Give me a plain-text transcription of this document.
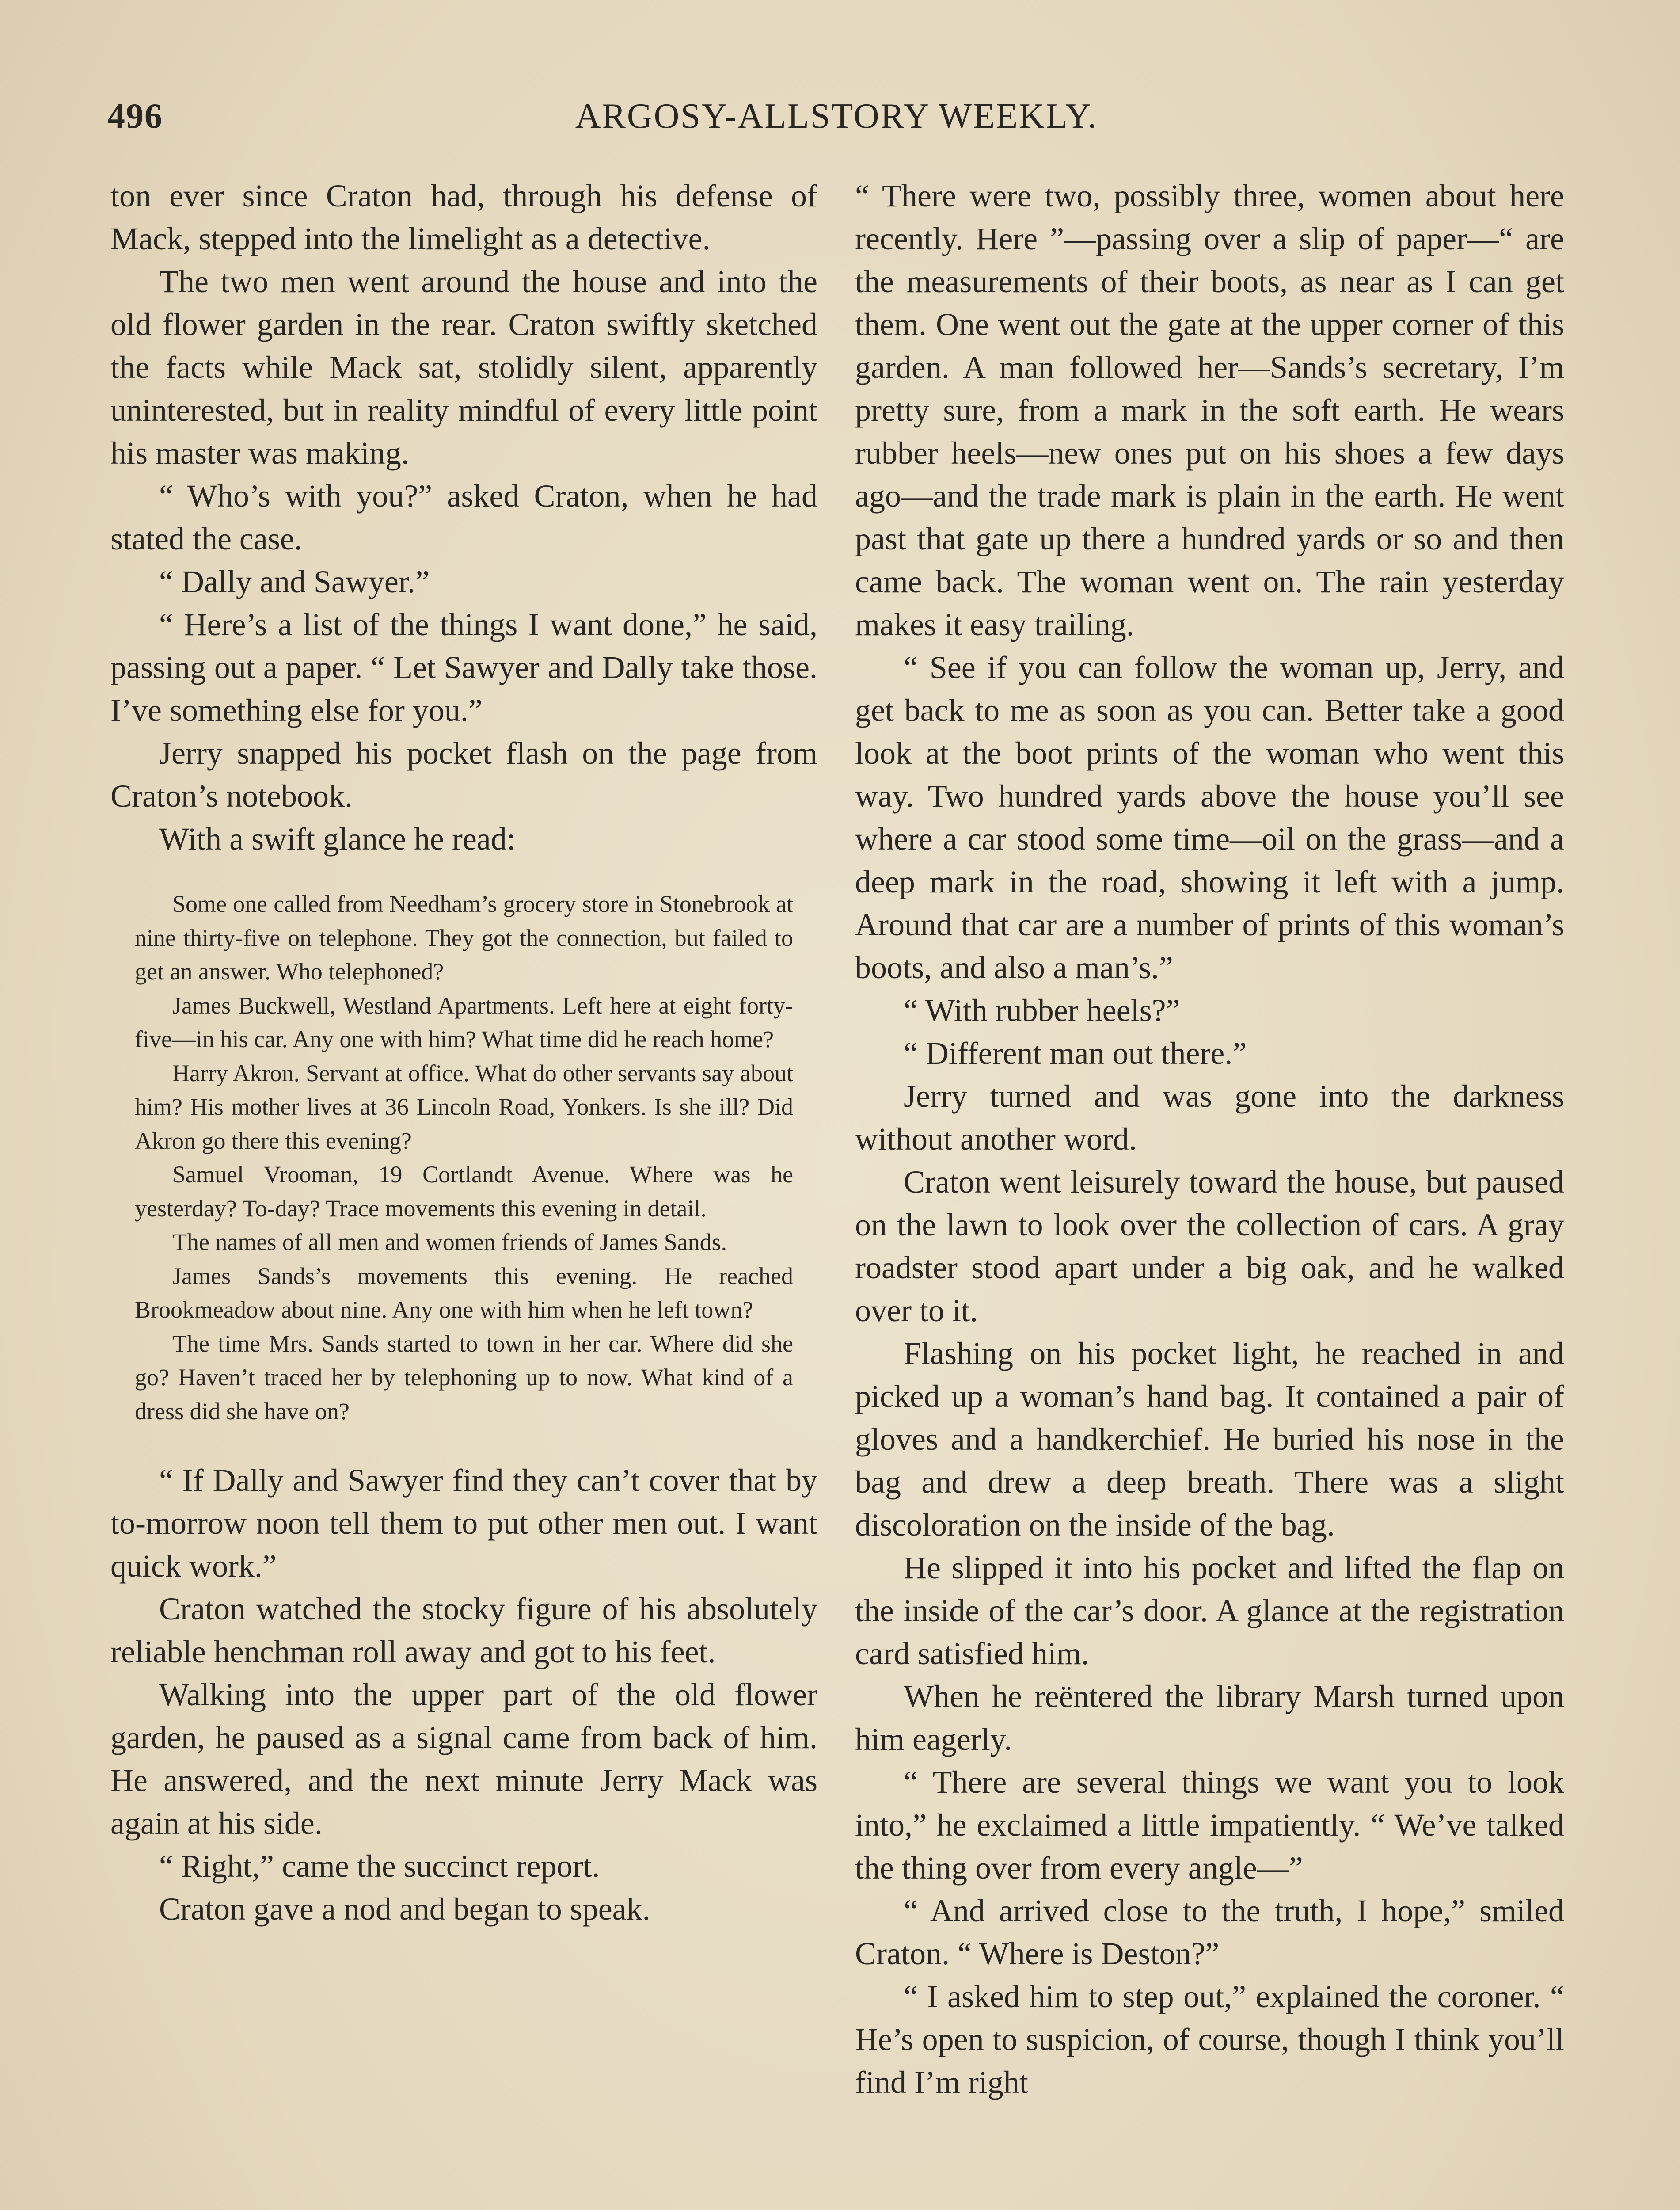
496	ARGOSY-ALLSTORY WEEKLY.

ton ever since Craton had, through his defense of Mack, stepped into the limelight as a detective.

The two men went around the house and into the old flower garden in the rear. Craton swiftly sketched the facts while Mack sat, stolidly silent, apparently uninterested, but in reality mindful of every little point his master was making.

“ Who’s with you?” asked Craton, when he had stated the case.

“ Dally and Sawyer.”

“ Here’s a list of the things I want done,” he said, passing out a paper. “ Let Sawyer and Dally take those. I’ve something else for you.”

Jerry snapped his pocket flash on the page from Craton’s notebook.

With a swift glance he read:

Some one called from Needham’s grocery store in Stonebrook at nine thirty-five on telephone. They got the connection, but failed to get an answer. Who telephoned?

James Buckwell, Westland Apartments. Left here at eight forty-five—in his car. Any one with him? What time did he reach home?

Harry Akron. Servant at office. What do other servants say about him? His mother lives at 36 Lincoln Road, Yonkers. Is she ill? Did Akron go there this evening?

Samuel Vrooman, 19 Cortlandt Avenue. Where was he yesterday? To-day? Trace movements this evening in detail.

The names of all men and women friends of James Sands.

James Sands’s movements this evening. He reached Brookmeadow about nine. Any one with him when he left town?

The time Mrs. Sands started to town in her car. Where did she go? Haven’t traced her by telephoning up to now. What kind of a dress did she have on?

“ If Dally and Sawyer find they can’t cover that by to-morrow noon tell them to put other men out. I want quick work.”

Craton watched the stocky figure of his absolutely reliable henchman roll away and got to his feet.

Walking into the upper part of the old flower garden, he paused as a signal came from back of him. He answered, and the next minute Jerry Mack was again at his side.

“ Right,” came the succinct report.

Craton gave a nod and began to speak.

“ There were two, possibly three, women about here recently. Here ”—passing over a slip of paper—“ are the measurements of their boots, as near as I can get them. One went out the gate at the upper corner of this garden. A man followed her—Sands’s secretary, I’m pretty sure, from a mark in the soft earth. He wears rubber heels—new ones put on his shoes a few days ago—and the trade mark is plain in the earth. He went past that gate up there a hundred yards or so and then came back. The woman went on. The rain yesterday makes it easy trailing.

“ See if you can follow the woman up, Jerry, and get back to me as soon as you can. Better take a good look at the boot prints of the woman who went this way. Two hundred yards above the house you’ll see where a car stood some time—oil on the grass—and a deep mark in the road, showing it left with a jump. Around that car are a number of prints of this woman’s boots, and also a man’s.”

“ With rubber heels?”

“ Different man out there.”

Jerry turned and was gone into the darkness without another word.

Craton went leisurely toward the house, but paused on the lawn to look over the collection of cars. A gray roadster stood apart under a big oak, and he walked over to it.

Flashing on his pocket light, he reached in and picked up a woman’s hand bag. It contained a pair of gloves and a handkerchief. He buried his nose in the bag and drew a deep breath. There was a slight discoloration on the inside of the bag.

He slipped it into his pocket and lifted the flap on the inside of the car’s door. A glance at the registration card satisfied him.

When he reëntered the library Marsh turned upon him eagerly.

“ There are several things we want you to look into,” he exclaimed a little impatiently. “ We’ve talked the thing over from every angle—”

“ And arrived close to the truth, I hope,” smiled Craton. “ Where is Deston?”

“ I asked him to step out,” explained the coroner. “ He’s open to suspicion, of course, though I think you’ll find I’m right
